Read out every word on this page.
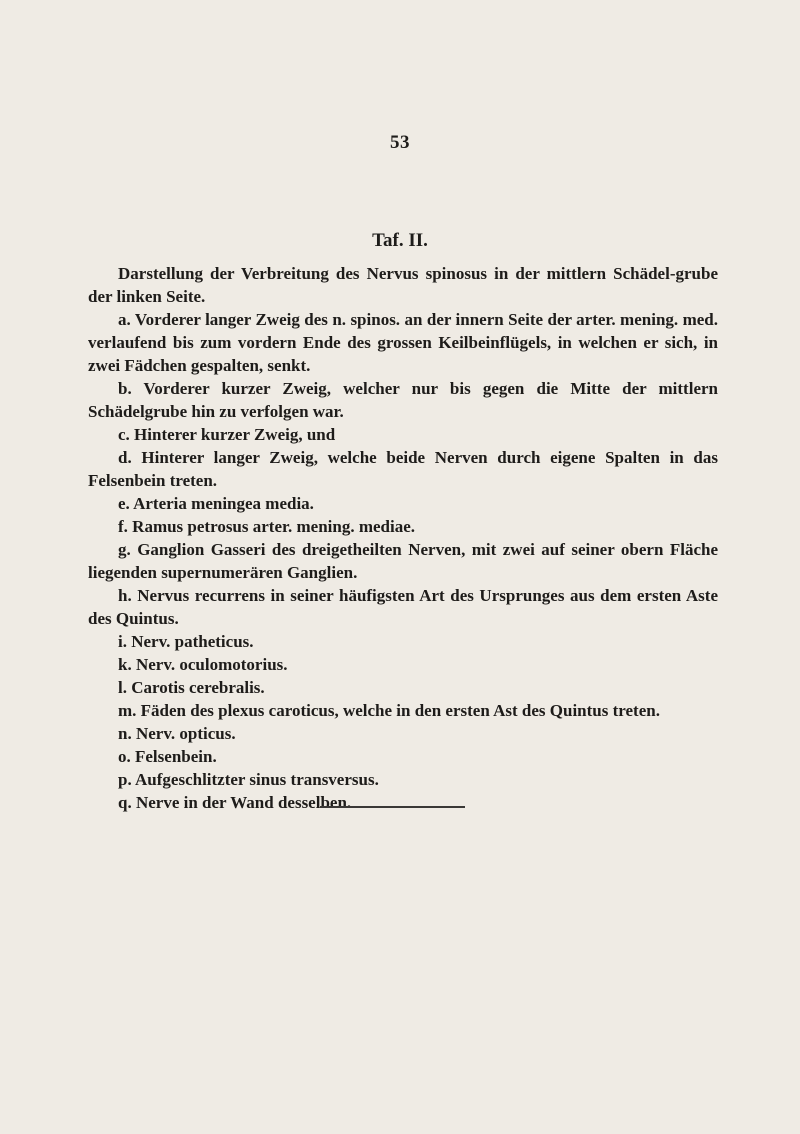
53
Taf. II.

Darstellung der Verbreitung des Nervus spinosus in der mittlern Schädel-grube der linken Seite.

a. Vorderer langer Zweig des n. spinos. an der innern Seite der arter. mening. med. verlaufend bis zum vordern Ende des grossen Keilbeinflügels, in welchen er sich, in zwei Fädchen gespalten, senkt.

b. Vorderer kurzer Zweig, welcher nur bis gegen die Mitte der mittlern Schädelgrube hin zu verfolgen war.

c. Hinterer kurzer Zweig, und

d. Hinterer langer Zweig, welche beide Nerven durch eigene Spalten in das Felsenbein treten.

e. Arteria meningea media.

f. Ramus petrosus arter. mening. mediae.

g. Ganglion Gasseri des dreigetheilten Nerven, mit zwei auf seiner obern Fläche liegenden supernumerären Ganglien.

h. Nervus recurrens in seiner häufigsten Art des Ursprunges aus dem ersten Aste des Quintus.

i. Nerv. patheticus.

k. Nerv. oculomotorius.

l. Carotis cerebralis.

m. Fäden des plexus caroticus, welche in den ersten Ast des Quintus treten.

n. Nerv. opticus.

o. Felsenbein.

p. Aufgeschlitzter sinus transversus.

q. Nerve in der Wand desselben.
